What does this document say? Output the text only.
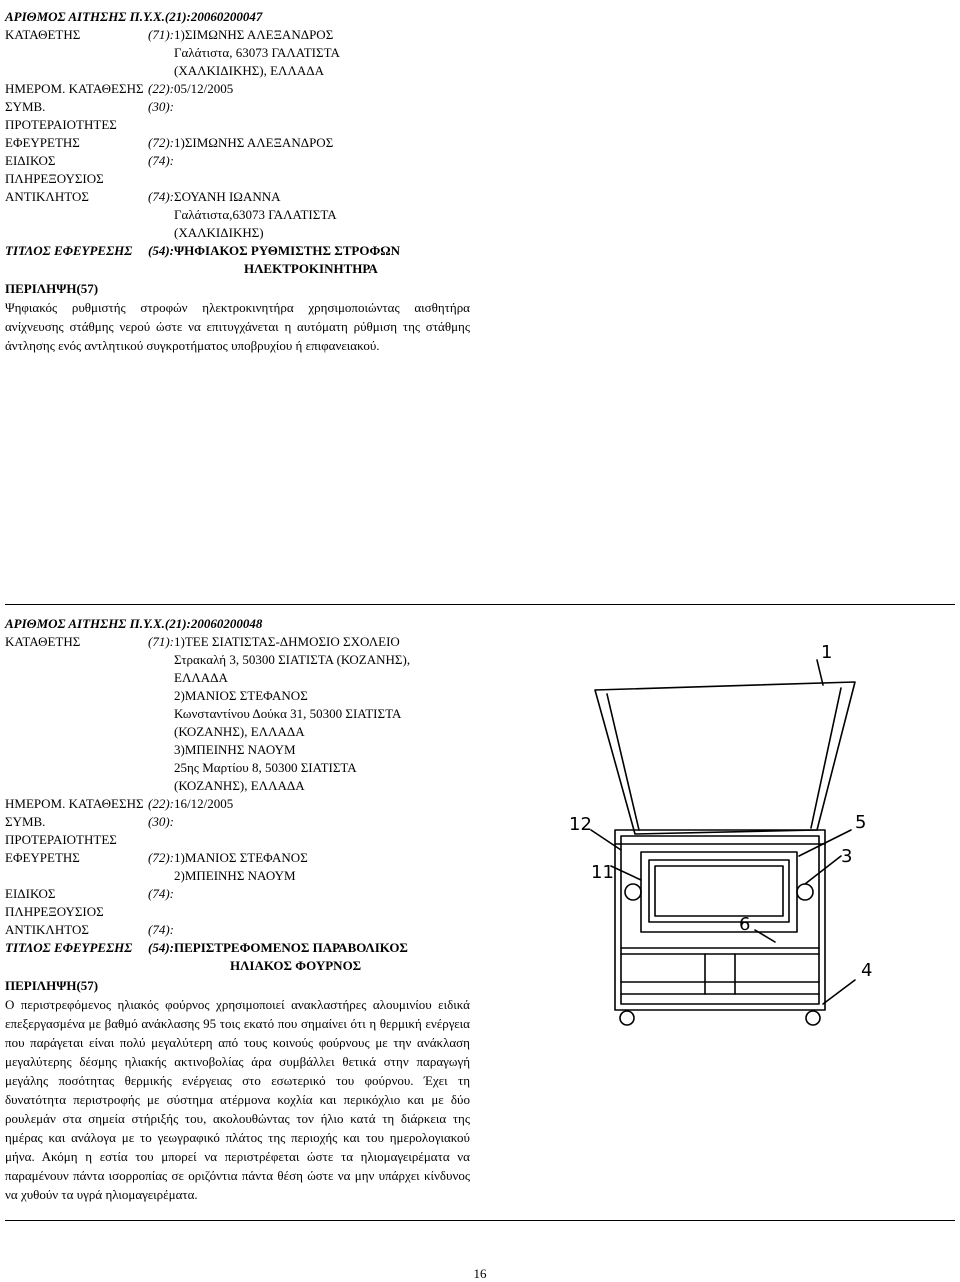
ΑΡΙΘΜΟΣ ΑΙΤΗΣΗΣ Π.Υ.Χ.(21):20060200047
ΚΑΤΑΘΕΤΗΣ	(71): 1)ΣΙΜΩΝΗΣ ΑΛΕΞΑΝΔΡΟΣ
Γαλάτιστα, 63073 ΓΑΛΑΤΙΣΤΑ
(ΧΑΛΚΙΔΙΚΗΣ), ΕΛΛΑΔΑ
ΗΜΕΡΟΜ. ΚΑΤΑΘΕΣΗΣ (22): 05/12/2005
ΣΥΜΒ. ΠΡΟΤΕΡΑΙΟΤΗΤΕΣ
(30):
ΕΦΕΥΡΕΤΗΣ	(72): 1)ΣΙΜΩΝΗΣ ΑΛΕΞΑΝΔΡΟΣ
ΕΙΔΙΚΟΣ ΠΛΗΡΕΞΟΥΣΙΟΣ
(74):
ΑΝΤΙΚΛΗΤΟΣ	(74): ΣΟΥΑΝΗ ΙΩΑΝΝΑ
Γαλάτιστα,63073 ΓΑΛΑΤΙΣΤΑ
(ΧΑΛΚΙΔΙΚΗΣ)
ΤΙΤΛΟΣ ΕΦΕΥΡΕΣΗΣ	(54): ΨΗΦΙΑΚΟΣ ΡΥΘΜΙΣΤΗΣ ΣΤΡΟΦΩΝ
ΗΛΕΚΤΡΟΚΙΝΗΤΗΡΑ
ΠΕΡΙΛΗΨΗ(57)
Ψηφιακός ρυθμιστής στροφών ηλεκτροκινητήρα χρησιμοποιώντας αισθητήρα ανίχνευσης στάθμης νερού ώστε να επιτυγχάνεται η αυτόματη ρύθμιση της στάθμης άντλησης ενός αντλητικού συγκροτήματος υποβρυχίου ή επιφανειακού.
ΑΡΙΘΜΟΣ ΑΙΤΗΣΗΣ Π.Υ.Χ.(21):20060200048
ΚΑΤΑΘΕΤΗΣ	(71): 1)ΤΕΕ ΣΙΑΤΙΣΤΑΣ-ΔΗΜΟΣΙΟ ΣΧΟΛΕΙΟ
Στρακαλή 3, 50300 ΣΙΑΤΙΣΤΑ (ΚΟΖΑΝΗΣ),
ΕΛΛΑΔΑ
2)ΜΑΝΙΟΣ ΣΤΕΦΑΝΟΣ
Κωνσταντίνου Δούκα 31, 50300 ΣΙΑΤΙΣΤΑ
(ΚΟΖΑΝΗΣ), ΕΛΛΑΔΑ
3)ΜΠΕΙΝΗΣ ΝΑΟΥΜ
25ης Μαρτίου 8, 50300 ΣΙΑΤΙΣΤΑ
(ΚΟΖΑΝΗΣ), ΕΛΛΑΔΑ
ΗΜΕΡΟΜ. ΚΑΤΑΘΕΣΗΣ (22): 16/12/2005
ΣΥΜΒ. ΠΡΟΤΕΡΑΙΟΤΗΤΕΣ
(30):
ΕΦΕΥΡΕΤΗΣ	(72): 1)ΜΑΝΙΟΣ ΣΤΕΦΑΝΟΣ
2)ΜΠΕΙΝΗΣ ΝΑΟΥΜ
ΕΙΔΙΚΟΣ ΠΛΗΡΕΞΟΥΣΙΟΣ
(74):
ΑΝΤΙΚΛΗΤΟΣ	(74):
ΤΙΤΛΟΣ ΕΦΕΥΡΕΣΗΣ	(54): ΠΕΡΙΣΤΡΕΦΟΜΕΝΟΣ ΠΑΡΑΒΟΛΙΚΟΣ
ΗΛΙΑΚΟΣ ΦΟΥΡΝΟΣ
ΠΕΡΙΛΗΨΗ(57)
Ο περιστρεφόμενος ηλιακός φούρνος χρησιμοποιεί ανακλαστήρες αλουμινίου ειδικά επεξεργασμένα με βαθμό ανάκλασης 95 τοις εκατό που σημαίνει ότι η θερμική ενέργεια που παράγεται είναι πολύ μεγαλύτερη από τους κοινούς φούρνους με την ανάκλαση μεγαλύτερης δέσμης ηλιακής ακτινοβολίας άρα συμβάλλει θετικά στην παραγωγή μεγάλης ποσότητας θερμικής ενέργειας στο εσωτερικό του φούρνου. Έχει τη δυνατότητα περιστροφής με σύστημα ατέρμονα κοχλία και περικόχλιο και με δύο ρουλεμάν στα σημεία στήριξής του, ακολουθώντας τον ήλιο κατά τη διάρκεια της ημέρας και ανάλογα με το γεωγραφικό πλάτος της περιοχής και του ημερολογιακού μήνα. Ακόμη η εστία του μπορεί να περιστρέφεται ώστε τα ηλιομαγειρέματα να παραμένουν πάντα ισορροπίας σε οριζόντια πάντα θέση ώστε να μην υπάρχει κίνδυνος να χυθούν τα υγρά ηλιομαγειρέματα.
1
12	5
3
11
6
4
16
